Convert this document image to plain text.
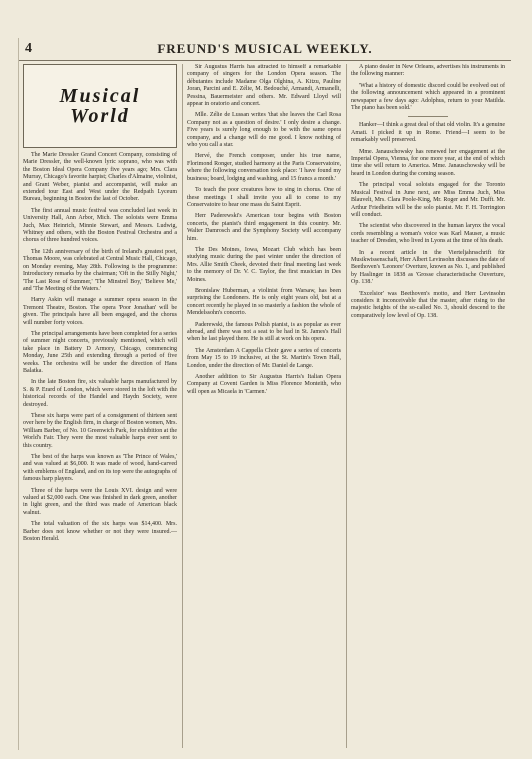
4	FREUND'S MUSICAL WEEKLY.
Musical
World

The Marie Dressler Grand Concert Company, consisting of Marie Dressler, the well-known lyric soprano, who was with the Boston Ideal Opera Company five years ago; Mrs. Clara Murray, Chicago's favorite harpist; Charles d'Almaine, violinist, and Grant Weber, pianist and accompanist, will make an extended tour East and West under the Redpath Lyceum Bureau, beginning in Boston the last of October.

The first annual music festival was concluded last week in University Hall, Ann Arbor, Mich. The soloists were Emma Juch, Max Heinrich, Minnie Stewart, and Messrs. Ludwig, Whitney and others, with the Boston Festival Orchestra and a chorus of three hundred voices.

The 12th anniversary of the birth of Ireland's greatest poet, Thomas Moore, was celebrated at Central Music Hall, Chicago, on Monday evening, May 28th. Following is the programme: Introductory remarks by the chairman; 'Oft in the Stilly Night,' 'The Last Rose of Summer,' 'The Minstrel Boy,' 'Believe Me,' and 'The Meeting of the Waters.'

Harry Askin will manage a summer opera season in the Tremont Theatre, Boston. The opera 'Poor Jonathan' will be given. The principals have all been engaged, and the chorus will number forty voices.

The principal arrangements have been completed for a series of summer night concerts, previously mentioned, which will take place in Battery D Armory, Chicago, commencing Monday, June 25th and extending through a period of five weeks. The orchestra will be under the direction of Hans Balatka.

In the late Boston fire, six valuable harps manufactured by S. & P. Erard of London, which were stored in the loft with the historical records of the Handel and Haydn Society, were destroyed.

These six harps were part of a consignment of thirteen sent over here by the English firm, in charge of Boston women, Mrs. William Barber, of No. 10 Greenwich Park, for exhibition at the World's Fair. They were the most valuable harps ever sent to this country.

The best of the harps was known as 'The Prince of Wales,' and was valued at $6,000. It was made of wood, hand-carved with emblems of England, and on its top were the autographs of famous harp players.

Three of the harps were the Louis XVI. design and were valued at $2,000 each. One was finished in dark green, another in light green, and the third was made of American black walnut.

The total valuation of the six harps was $14,400. Mrs. Barber does not know whether or not they were insured.—Boston Herald.

Sir Augustus Harris has attracted to himself a remarkable company of singers for the London Opera season. The débutantes include Madame Olga Olghina, A. Kitzu, Pauline Joran, Parcini and E. Zélie, M. Bedouché, Armandi, Armanelli, Pessina, Bauermeister and others. Mr. Edward Lloyd will appear in oratorio and concert.

Mlle. Zélie de Lussan writes 'that she leaves the Carl Rosa Company not as a question of desire.' I only desire a change. Five years is surely long enough to be with the same opera company, and a change will do me good. I know nothing of who you call a star.

Hervé, the French composer, under his true name, Florimond Ronger, studied harmony at the Paris Conservatoire, where the following conversation took place: 'I have found my business; board, lodging and washing, and 15 francs a month.'

To teach the poor creatures how to sing in chorus. One of these meetings I shall invite you all to come to my Conservatoire to hear one mass du Saint Esprit.

Herr Paderewski's American tour begins with Boston concerts, the pianist's third engagement in this country. Mr. Walter Damrosch and the Symphony Society will accompany him.

The Des Moines, Iowa, Mozart Club which has been studying music during the past winter under the direction of Mrs. Allie Smith Cheek, devoted their final meeting last week to the memory of Dr. V. C. Taylor, the first musician in Des Moines.

Bronislaw Huberman, a violinist from Warsaw, has been surprising the Londoners. He is only eight years old, but at a concert recently he played in so masterly a fashion the whole of Mendelssohn's concerto.

Paderewski, the famous Polish pianist, is as popular as ever abroad, and there was not a seat to be had in St. James's Hall when he last played there. He is still at work on his opera.

The Amsterdam A Cappella Choir gave a series of concerts from May 15 to 19 inclusive, at the St. Martin's Town Hall, London, under the direction of Mr. Daniel de Lange.

Another addition to Sir Augustus Harris's Italian Opera Company at Covent Garden is Miss Florence Monteith, who will open as Micaela in 'Carmen.'

A piano dealer in New Orleans, advertises his instruments in the following manner:

'What a history of domestic discord could be evolved out of the following announcement which appeared in a prominent newspaper a few days ago: Adolphus, return to your Matilda. The piano has been sold.'

Hanker—I think a great deal of that old violin. It's a genuine Amati. I picked it up in Rome. Friend—I seem to be remarkably well preserved.

Mme. Janauschowsky has renewed her engagement at the Imperial Opera, Vienna, for one more year, at the end of which time she will return to America. Mme. Janauschowsky will be heard in London during the coming season.

The principal vocal soloists engaged for the Toronto Musical Festival in June next, are Miss Emma Juch, Miss Blauvelt, Mrs. Clara Poole-King, Mr. Roger and Mr. Dufft. Mr. Arthur Friedheim will be the solo pianist. Mr. F. H. Torrington will conduct.

The scientist who discovered in the human larynx the vocal cords resembling a woman's voice was Karl Mauser, a music teacher of Dresden, who lived in Lyons at the time of his death.

In a recent article in the Vierteljahrsschrift für Musikwissenschaft, Herr Albert Levinsohn discusses the date of Beethoven's 'Leonore' Overture, known as No. 1, and published by Haslinger in 1838 as 'Grosse characteristische Ouverture, Op. 138.'

'Excelsior' was Beethoven's motto, and Herr Levinsohn considers it inconceivable that the master, after rising to the majestic heights of the so-called No. 3, should descend to the comparatively low level of Op. 138.
